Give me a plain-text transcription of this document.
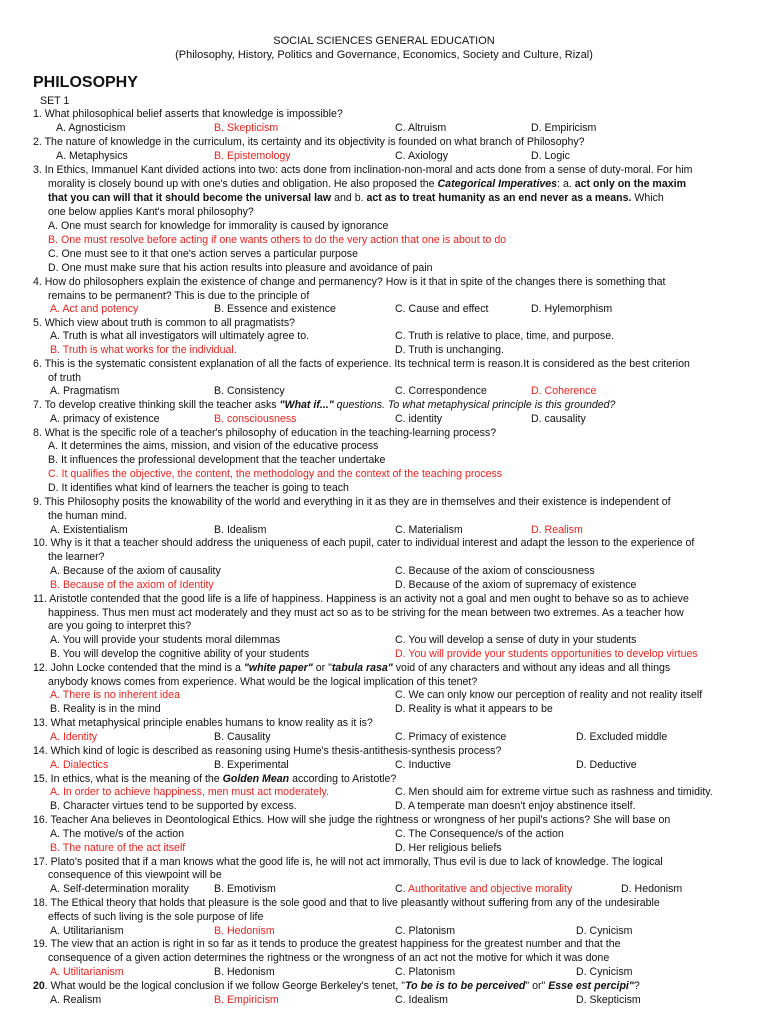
SOCIAL SCIENCES GENERAL EDUCATION
(Philosophy, History, Politics and Governance, Economics, Society and Culture, Rizal)
PHILOSOPHY
SET 1
1. What philosophical belief asserts that knowledge is impossible?
A. Agnosticism	B. Skepticism	C. Altruism	D. Empiricism
2. The nature of knowledge in the curriculum, its certainty and its objectivity is founded on what branch of Philosophy?
A. Metaphysics	B. Epistemology	C. Axiology	D. Logic
3. In Ethics, Immanuel Kant divided actions into two: acts done from inclination-non-moral and acts done from a sense of duty-moral. For him
morality is closely bound up with one's duties and obligation. He also proposed the Categorical Imperatives: a. act only on the maxim
that you can will that it should become the universal law and b. act as to treat humanity as an end never as a means. Which
one below applies Kant's moral philosophy?
A. One must search for knowledge for immorality is caused by ignorance
B. One must resolve before acting if one wants others to do the very action that one is about to do
C. One must see to it that one's action serves a particular purpose
D. One must make sure that his action results into pleasure and avoidance of pain
4. How do philosophers explain the existence of change and permanency? How is it that in spite of the changes there is something that
remains to be permanent? This is due to the principle of
A. Act and potency	B. Essence and existence	C. Cause and effect	D. Hylemorphism
5. Which view about truth is common to all pragmatists?
A. Truth is what all investigators will ultimately agree to.	C. Truth is relative to place, time, and purpose.
B. Truth is what works for the individual.	D. Truth is unchanging.
6. This is the systematic consistent explanation of all the facts of experience. Its technical term is reason.It is considered as the best criterion
of truth
A. Pragmatism	B. Consistency	C. Correspondence	D. Coherence
7. To develop creative thinking skill the teacher asks "What if..." questions. To what metaphysical principle is this grounded?
A. primacy of existence	B. consciousness	C. identity	D. causality
8. What is the specific role of a teacher's philosophy of education in the teaching-learning process?
A. It determines the aims, mission, and vision of the educative process
B. It influences the professional development that the teacher undertake
C. It qualifies the objective, the content, the methodology and the context of the teaching process
D. It identifies what kind of learners the teacher is going to teach
9. This Philosophy posits the knowability of the world and everything in it as they are in themselves and their existence is independent of
the human mind.
A. Existentialism	B. Idealism	C. Materialism	D. Realism
10. Why is it that a teacher should address the uniqueness of each pupil, cater to individual interest and adapt the lesson to the experience of
the learner?
A. Because of the axiom of causality	C. Because of the axiom of consciousness
B. Because of the axiom of Identity	D. Because of the axiom of supremacy of existence
11. Aristotle contended that the good life is a life of happiness. Happiness is an activity not a goal and men ought to behave so as to achieve
happiness. Thus men must act moderately and they must act so as to be striving for the mean between two extremes. As a teacher how
are you going to interpret this?
A. You will provide your students moral dilemmas	C. You will develop a sense of duty in your students
B. You will develop the cognitive ability of your students	D. You will provide your students opportunities to develop virtues
12. John Locke contended that the mind is a "white paper" or "tabula rasa" void of any characters and without any ideas and all things
anybody knows comes from experience. What would be the logical implication of this tenet?
A. There is no inherent idea	C. We can only know our perception of reality and not reality itself
B. Reality is in the mind	D. Reality is what it appears to be
13. What metaphysical principle enables humans to know reality as it is?
A. Identity	B. Causality	C. Primacy of existence	D. Excluded middle
14. Which kind of logic is described as reasoning using Hume's thesis-antithesis-synthesis process?
A. Dialectics	B. Experimental	C. Inductive	D. Deductive
15. In ethics, what is the meaning of the Golden Mean according to Aristotle?
A. In order to achieve happiness, men must act moderately.	C. Men should aim for extreme virtue such as rashness and timidity.
B. Character virtues tend to be supported by excess.	D. A temperate man doesn't enjoy abstinence itself.
16. Teacher Ana believes in Deontological Ethics. How will she judge the rightness or wrongness of her pupil's actions? She will base on
A. The motive/s of the action	C. The Consequence/s of the action
B. The nature of the act itself	D. Her religious beliefs
17. Plato's posited that if a man knows what the good life is, he will not act immorally, Thus evil is due to lack of knowledge. The logical
consequence of this viewpoint will be
A. Self-determination morality B. Emotivism	C. Authoritative and objective morality	D. Hedonism
18. The Ethical theory that holds that pleasure is the sole good and that to live pleasantly without suffering from any of the undesirable
effects of such living is the sole purpose of life
A. Utilitarianism	B. Hedonism	C. Platonism	D. Cynicism
19. The view that an action is right in so far as it tends to produce the greatest happiness for the greatest number and that the
consequence of a given action determines the rightness or the wrongness of an act not the motive for which it was done
A. Utilitarianism	B. Hedonism	C. Platonism	D. Cynicism
20. What would be the logical conclusion if we follow George Berkeley's tenet, "To be is to be perceived" or" Esse est percipi"?
A. Realism	B. Empiricism	C. Idealism	D. Skepticism
